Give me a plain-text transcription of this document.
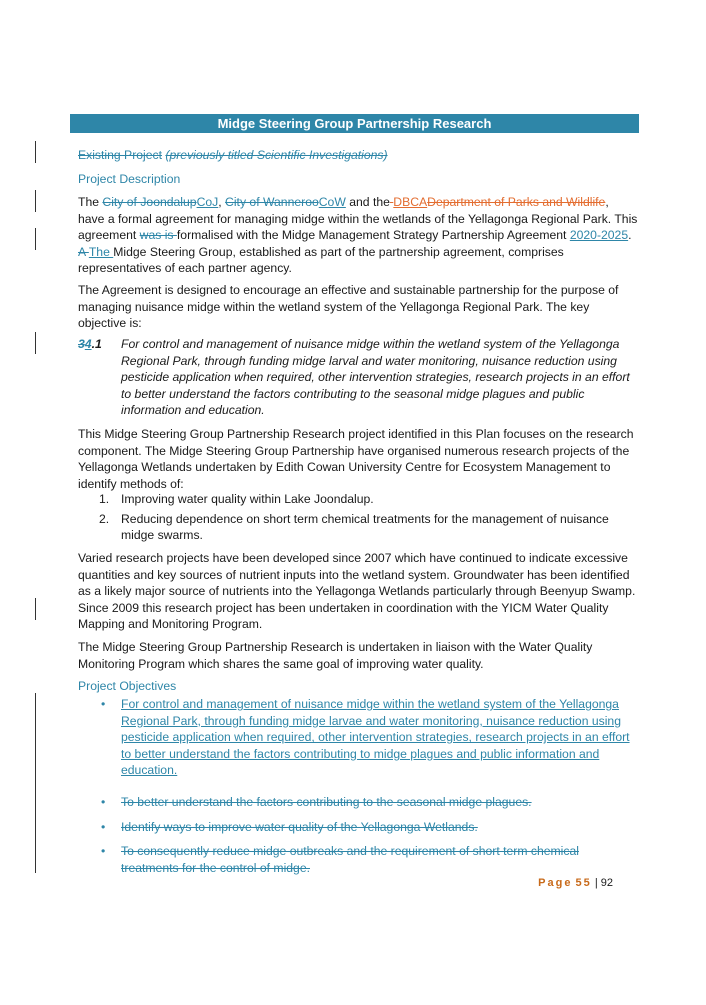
Midge Steering Group Partnership Research
Existing Project (previously titled Scientific Investigations)
Project Description
The City of JoondalupCoJ, City of WannerooCoW and the DBCADepartment of Parks and Wildlife, have a formal agreement for managing midge within the wetlands of the Yellagonga Regional Park. This agreement was is formalised with the Midge Management Strategy Partnership Agreement 2020-2025. A The Midge Steering Group, established as part of the partnership agreement, comprises representatives of each partner agency.
The Agreement is designed to encourage an effective and sustainable partnership for the purpose of managing nuisance midge within the wetland system of the Yellagonga Regional Park. The key objective is:
34.1 For control and management of nuisance midge within the wetland system of the Yellagonga Regional Park, through funding midge larval and water monitoring, nuisance reduction using pesticide application when required, other intervention strategies, research projects in an effort to better understand the factors contributing to the seasonal midge plagues and public information and education.
This Midge Steering Group Partnership Research project identified in this Plan focuses on the research component. The Midge Steering Group Partnership have organised numerous research projects of the Yellagonga Wetlands undertaken by Edith Cowan University Centre for Ecosystem Management to identify methods of:
1. Improving water quality within Lake Joondalup.
2. Reducing dependence on short term chemical treatments for the management of nuisance midge swarms.
Varied research projects have been developed since 2007 which have continued to indicate excessive quantities and key sources of nutrient inputs into the wetland system. Groundwater has been identified as a likely major source of nutrients into the Yellagonga Wetlands particularly through Beenyup Swamp. Since 2009 this research project has been undertaken in coordination with the YICM Water Quality Mapping and Monitoring Program.
The Midge Steering Group Partnership Research is undertaken in liaison with the Water Quality Monitoring Program which shares the same goal of improving water quality.
Project Objectives
• For control and management of nuisance midge within the wetland system of the Yellagonga Regional Park, through funding midge larvae and water monitoring, nuisance reduction using pesticide application when required, other intervention strategies, research projects in an effort to better understand the factors contributing to midge plagues and public information and education.
• To better understand the factors contributing to the seasonal midge plagues.
• Identify ways to improve water quality of the Yellagonga Wetlands.
• To consequently reduce midge outbreaks and the requirement of short term chemical treatments for the control of midge.
Page 55 | 92
